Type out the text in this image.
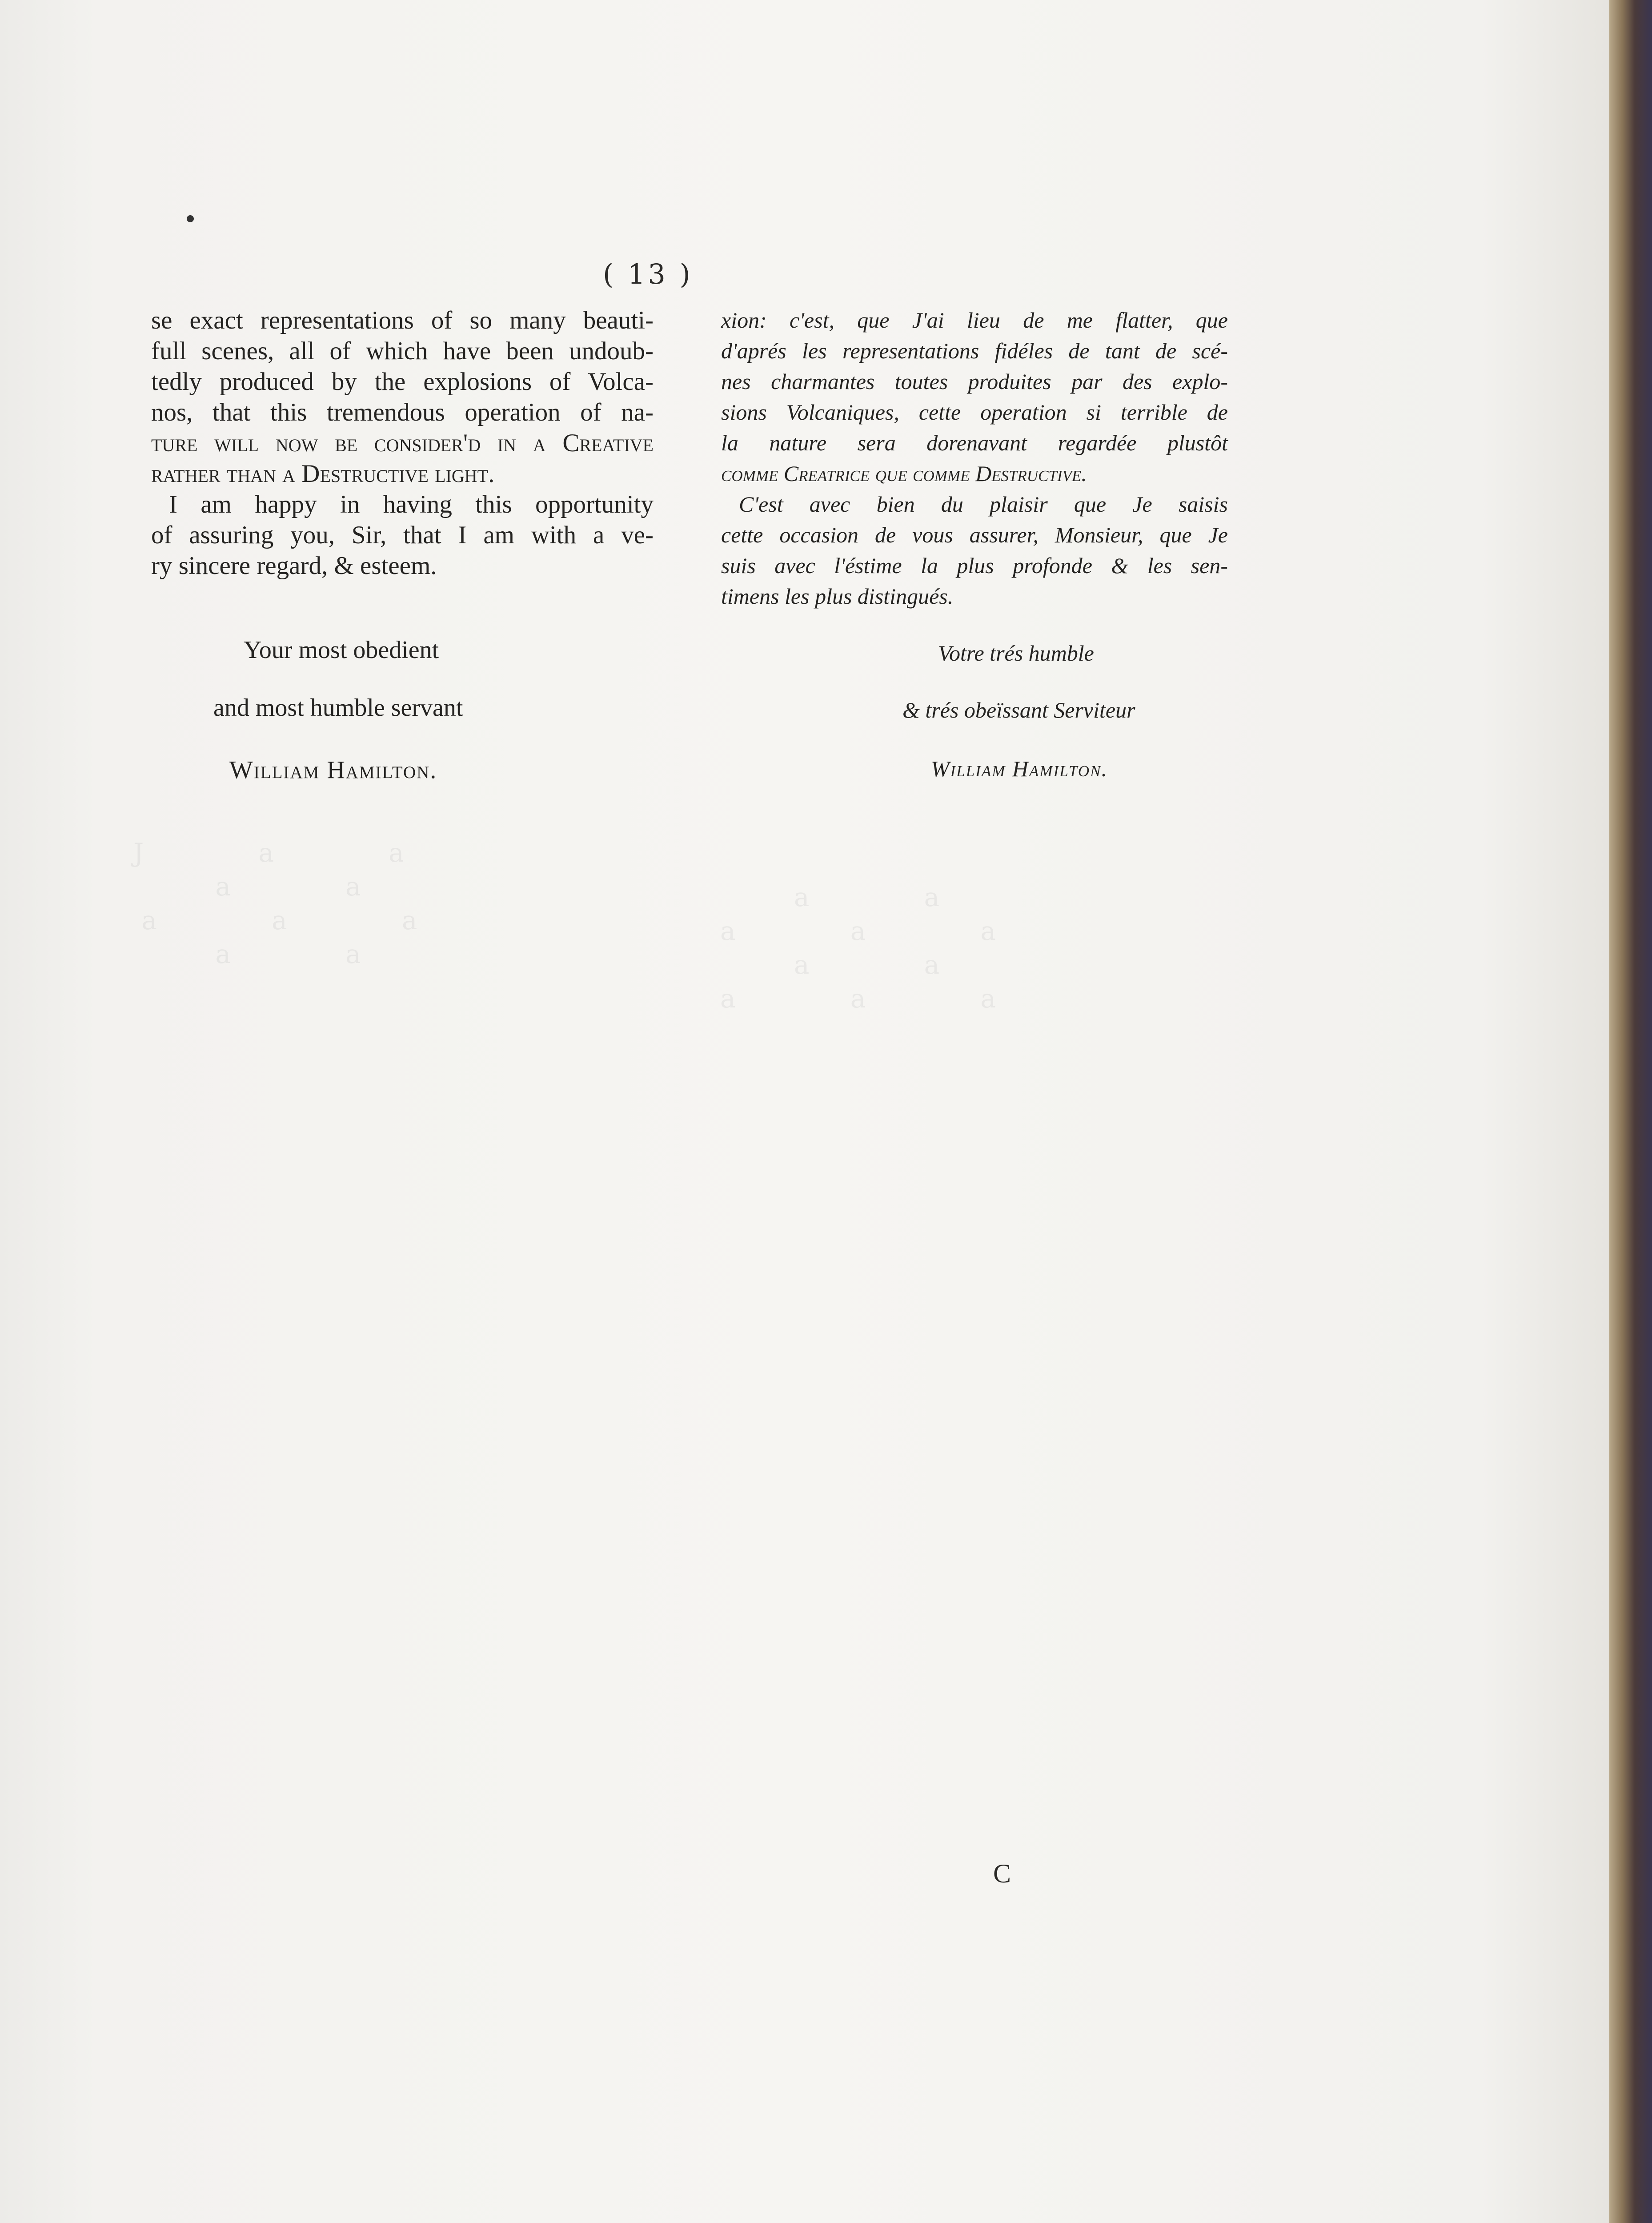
J              a              a
a              a
a              a              a
a              a
a              a
a              a              a
a              a
a              a              a
( 13 )
se exact representations of so many beauti-
full scenes, all of which have been undoub-
tedly produced by the explosions of Volca-
nos, that this tremendous operation of na-
ture will now be consider'd in a Creative
rather than a Destructive light.
I am happy in having this opportunity
of assuring you, Sir, that I am with a ve-
ry sincere regard, & esteem.
xion: c'est, que J'ai lieu de me flatter, que
d'aprés les representations fidéles de tant de scé-
nes charmantes toutes produites par des explo-
sions Volcaniques, cette operation si terrible de
la nature sera dorenavant regardée plustôt
comme Creatrice que comme Destructive.
C'est avec bien du plaisir que Je saisis
cette occasion de vous assurer, Monsieur, que Je
suis avec l'éstime la plus profonde & les sen-
timens les plus distingués.
Your most obedient
and most humble servant
William Hamilton.
Votre trés humble
& trés obeïssant Serviteur
William Hamilton.
C
